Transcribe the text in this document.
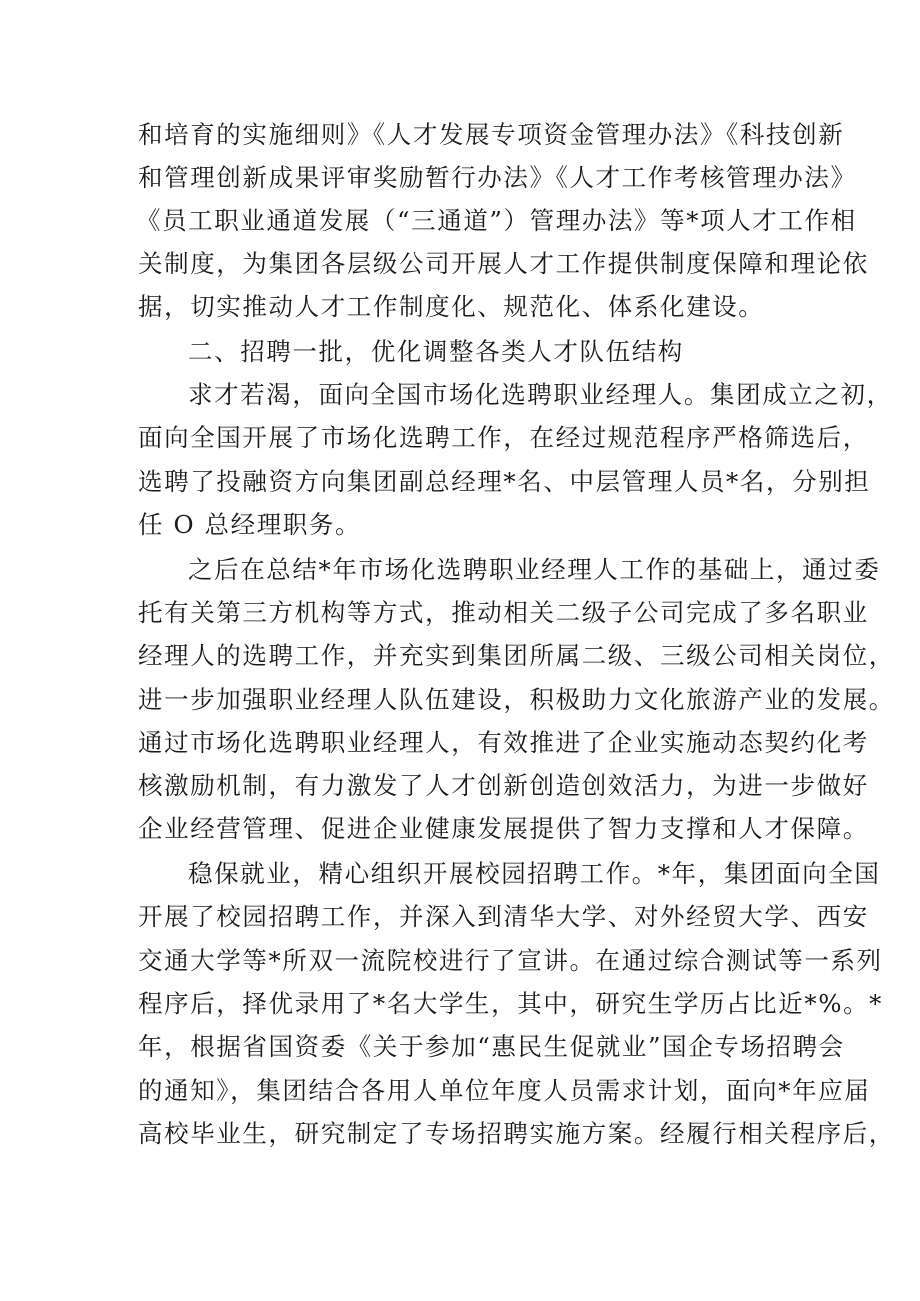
和培育的实施细则》《人才发展专项资金管理办法》《科技创新
和管理创新成果评审奖励暂行办法》《人才工作考核管理办法》
《员工职业通道发展（“三通道”）管理办法》等*项人才工作相
关制度，为集团各层级公司开展人才工作提供制度保障和理论依
据，切实推动人才工作制度化、规范化、体系化建设。
二、招聘一批，优化调整各类人才队伍结构
求才若渴，面向全国市场化选聘职业经理人。集团成立之初，
面向全国开展了市场化选聘工作，在经过规范程序严格筛选后，
选聘了投融资方向集团副总经理*名、中层管理人员*名，分别担
任 O 总经理职务。
之后在总结*年市场化选聘职业经理人工作的基础上，通过委
托有关第三方机构等方式，推动相关二级子公司完成了多名职业
经理人的选聘工作，并充实到集团所属二级、三级公司相关岗位，
进一步加强职业经理人队伍建设，积极助力文化旅游产业的发展。
通过市场化选聘职业经理人，有效推进了企业实施动态契约化考
核激励机制，有力激发了人才创新创造创效活力，为进一步做好
企业经营管理、促进企业健康发展提供了智力支撑和人才保障。
稳保就业，精心组织开展校园招聘工作。*年，集团面向全国
开展了校园招聘工作，并深入到清华大学、对外经贸大学、西安
交通大学等*所双一流院校进行了宣讲。在通过综合测试等一系列
程序后，择优录用了*名大学生，其中，研究生学历占比近*%。*
年，根据省国资委《关于参加“惠民生促就业”国企专场招聘会
的通知》，集团结合各用人单位年度人员需求计划，面向*年应届
高校毕业生，研究制定了专场招聘实施方案。经履行相关程序后，
